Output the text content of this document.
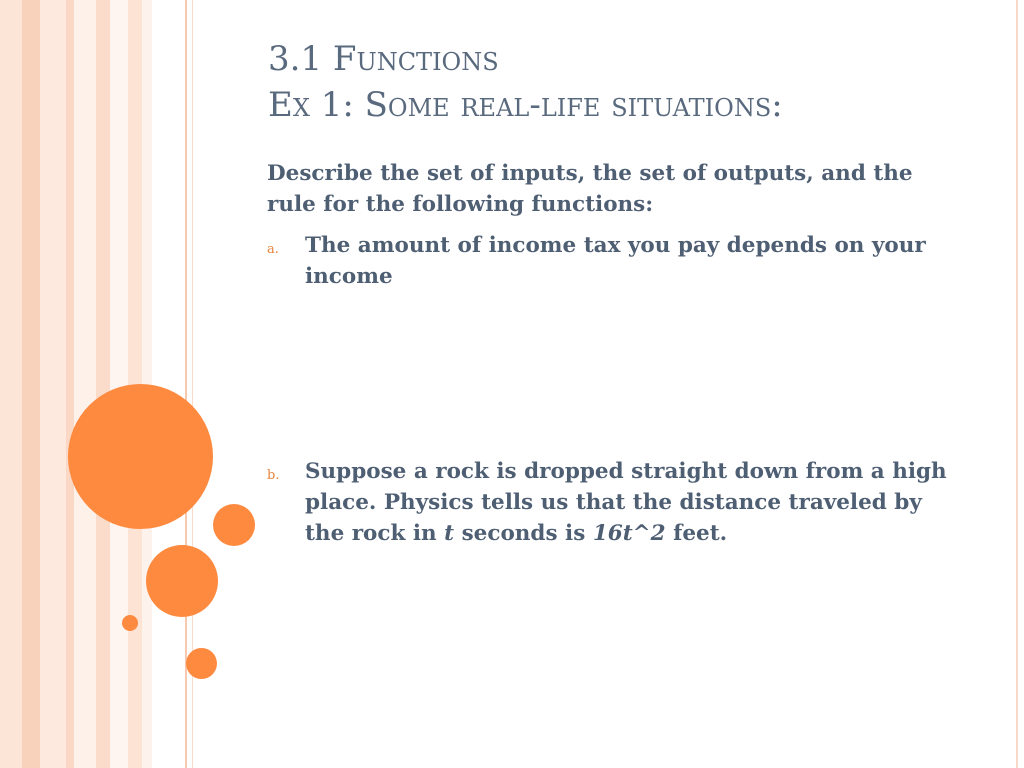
3.1 Functions
Ex 1: Some real-life situations:

Describe the set of inputs, the set of outputs, and the rule for the following functions:

a. The amount of income tax you pay depends on your income
b. Suppose a rock is dropped straight down from a high place. Physics tells us that the distance traveled by the rock in t seconds is 16t^2 feet.
